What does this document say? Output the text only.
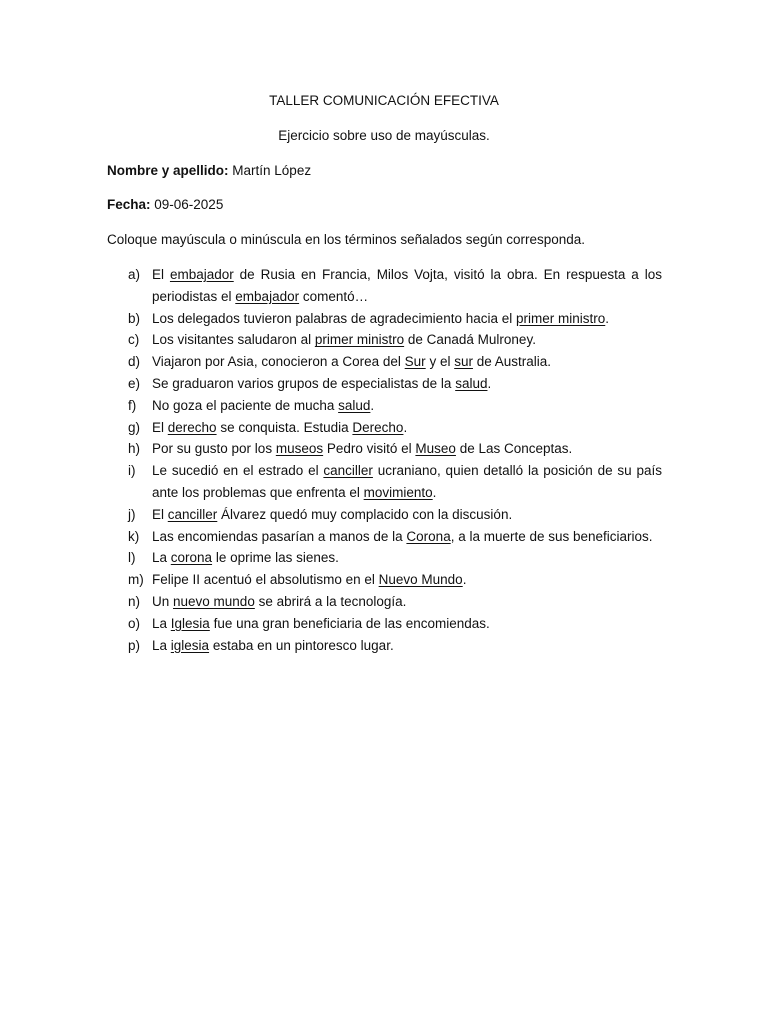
TALLER COMUNICACIÓN EFECTIVA
Ejercicio sobre uso de mayúsculas.
Nombre y apellido: Martín López
Fecha: 09-06-2025
Coloque mayúscula o minúscula en los términos señalados según corresponda.
a) El embajador de Rusia en Francia, Milos Vojta, visitó la obra. En respuesta a los periodistas el embajador comentó…
b) Los delegados tuvieron palabras de agradecimiento hacia el primer ministro.
c) Los visitantes saludaron al primer ministro de Canadá Mulroney.
d) Viajaron por Asia, conocieron a Corea del Sur y el sur de Australia.
e) Se graduaron varios grupos de especialistas de la salud.
f)	No goza el paciente de mucha salud.
g) El derecho se conquista. Estudia Derecho.
h) Por su gusto por los museos Pedro visitó el Museo de Las Conceptas.
i)	Le sucedió en el estrado el canciller ucraniano, quien detalló la posición de su país ante los problemas que enfrenta el movimiento.
j)	El canciller Álvarez quedó muy complacido con la discusión.
k) Las encomiendas pasarían a manos de la Corona, a la muerte de sus beneficiarios.
l)	La corona le oprime las sienes.
m) Felipe II acentuó el absolutismo en el Nuevo Mundo.
n) Un nuevo mundo se abrirá a la tecnología.
o) La Iglesia fue una gran beneficiaria de las encomiendas.
p) La iglesia estaba en un pintoresco lugar.
